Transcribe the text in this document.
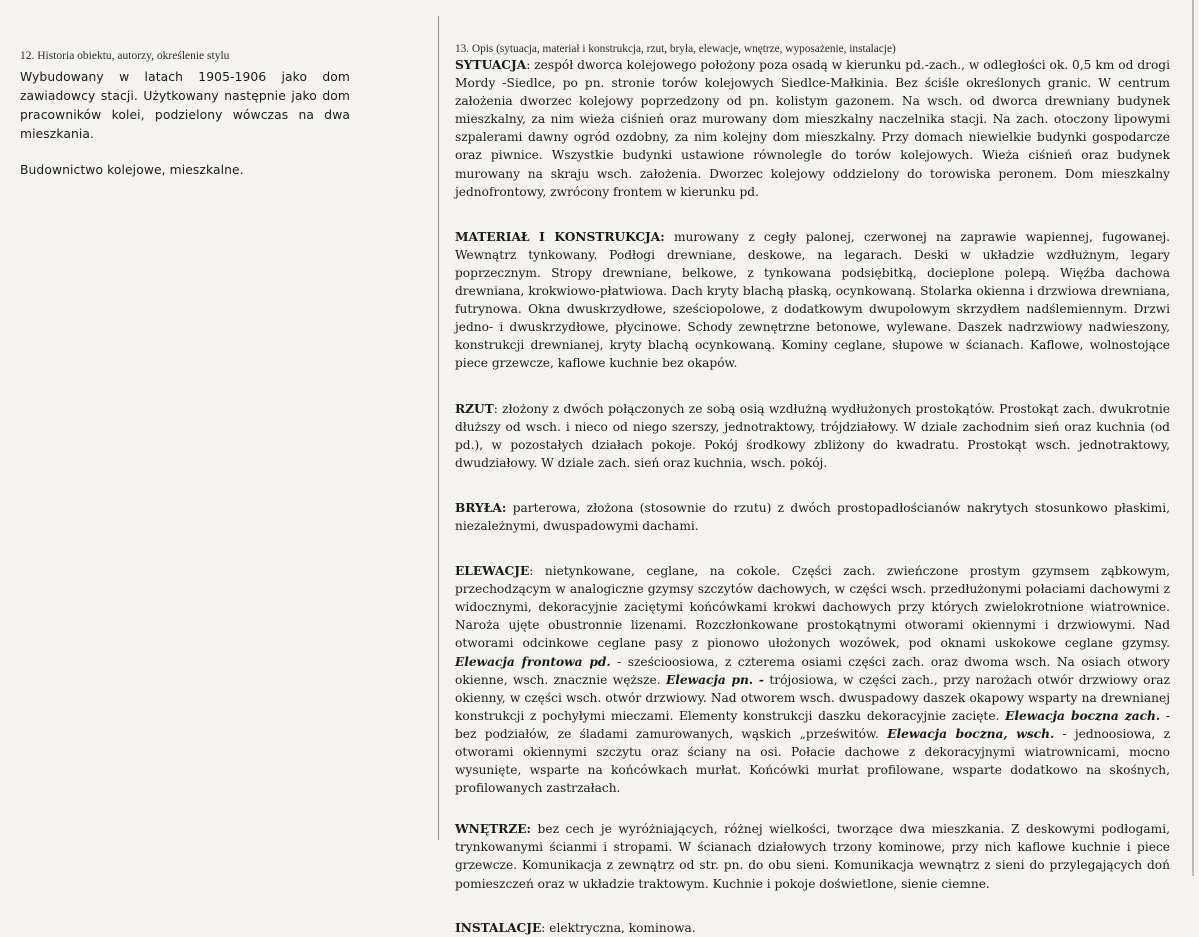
12. Historia obiektu, autorzy, określenie stylu

Wybudowany w latach 1905-1906 jako dom zawiadowcy stacji. Użytkowany następnie jako dom pracowników kolei, podzielony wówczas na dwa mieszkania.

Budownictwo kolejowe, mieszkalne.

13. Opis (sytuacja, materiał i konstrukcja, rzut, bryła, elewacje, wnętrze, wyposażenie, instalacje)

SYTUACJA: zespół dworca kolejowego położony poza osadą w kierunku pd.-zach., w odległości ok. 0,5 km od drogi Mordy -Siedlce, po pn. stronie torów kolejowych Siedlce-Małkinia. Bez ściśle określonych granic. W centrum założenia dworzec kolejowy poprzedzony od pn. kolistym gazonem. Na wsch. od dworca drewniany budynek mieszkalny, za nim wieża ciśnień oraz murowany dom mieszkalny naczelnika stacji. Na zach. otoczony lipowymi szpalerami dawny ogród ozdobny, za nim kolejny dom mieszkalny. Przy domach niewielkie budynki gospodarcze oraz piwnice. Wszystkie budynki ustawione równolegle do torów kolejowych. Wieża ciśnień oraz budynek murowany na skraju wsch. założenia. Dworzec kolejowy oddzielony do torowiska peronem. Dom mieszkalny jednofrontowy, zwrócony frontem w kierunku pd.

MATERIAŁ I KONSTRUKCJA: murowany z cegły palonej, czerwonej na zaprawie wapiennej, fugowanej. Wewnątrz tynkowany. Podłogi drewniane, deskowe, na legarach. Deski w układzie wzdłużnym, legary poprzecznym. Stropy drewniane, belkowe, z tynkowana podsiębitką, docieplone polepą. Więźba dachowa drewniana, krokwiowo-płatwiowa. Dach kryty blachą płaską, ocynkowaną. Stolarka okienna i drzwiowa drewniana, futrynowa. Okna dwuskrzydłowe, sześciopolowe, z dodatkowym dwupolowym skrzydłem nadślemiennym. Drzwi jedno- i dwuskrzydłowe, płycinowe. Schody zewnętrzne betonowe, wylewane. Daszek nadrzwiowy nadwieszony, konstrukcji drewnianej, kryty blachą ocynkowaną. Kominy ceglane, słupowe w ścianach. Kaflowe, wolnostojące piece grzewcze, kaflowe kuchnie bez okapów.

RZUT: złożony z dwóch połączonych ze sobą osią wzdłużną wydłużonych prostokątów. Prostokąt zach. dwukrotnie dłuższy od wsch. i nieco od niego szerszy, jednotraktowy, trójdziałowy. W dziale zachodnim sień oraz kuchnia (od pd.), w pozostałych działach pokoje. Pokój środkowy zbliżony do kwadratu. Prostokąt wsch. jednotraktowy, dwudziałowy. W dziale zach. sień oraz kuchnia, wsch. pokój.

BRYŁA: parterowa, złożona (stosownie do rzutu) z dwóch prostopadłościanów nakrytych stosunkowo płaskimi, niezależnymi, dwuspadowymi dachami.

ELEWACJE: nietynkowane, ceglane, na cokole. Części zach. zwieńczone prostym gzymsem ząbkowym, przechodzącym w analogiczne gzymsy szczytów dachowych, w części wsch. przedłużonymi połaciami dachowymi z widocznymi, dekoracyjnie zaciętymi końcówkami krokwi dachowych przy których zwielokrotnione wiatrownice. Naroża ujęte obustronnie lizenami. Rozczłonkowane prostokątnymi otworami okiennymi i drzwiowymi. Nad otworami odcinkowe ceglane pasy z pionowo ułożonych wozówek, pod oknami uskokowe ceglane gzymsy. Elewacja frontowa pd. - sześcioosiowa, z czterema osiami części zach. oraz dwoma wsch. Na osiach otwory okienne, wsch. znacznie węższe. Elewacja pn. - trójosiowa, w części zach., przy narożach otwór drzwiowy oraz okienny, w części wsch. otwór drzwiowy. Nad otworem wsch. dwuspadowy daszek okapowy wsparty na drewnianej konstrukcji z pochyłymi mieczami. Elementy konstrukcji daszku dekoracyjnie zacięte. Elewacja boczna zach. - bez podziałów, ze śladami zamurowanych, wąskich „prześwitów. Elewacja boczna, wsch. - jednoosiowa, z otworami okiennymi szczytu oraz ściany na osi. Połacie dachowe z dekoracyjnymi wiatrownicami, mocno wysunięte, wsparte na końcówkach murłat. Końcówki murłat profilowane, wsparte dodatkowo na skośnych, profilowanych zastrzałach.

WNĘTRZE: bez cech je wyróżniających, różnej wielkości, tworzące dwa mieszkania. Z deskowymi podłogami, trynkowanymi ścianmi i stropami. W ścianach działowych trzony kominowe, przy nich kaflowe kuchnie i piece grzewcze. Komunikacja z zewnątrz od str. pn. do obu sieni. Komunikacja wewnątrz z sieni do przylegających doń pomieszczeń oraz w układzie traktowym. Kuchnie i pokoje doświetlone, sienie ciemne.

INSTALACJE: elektryczna, kominowa.
